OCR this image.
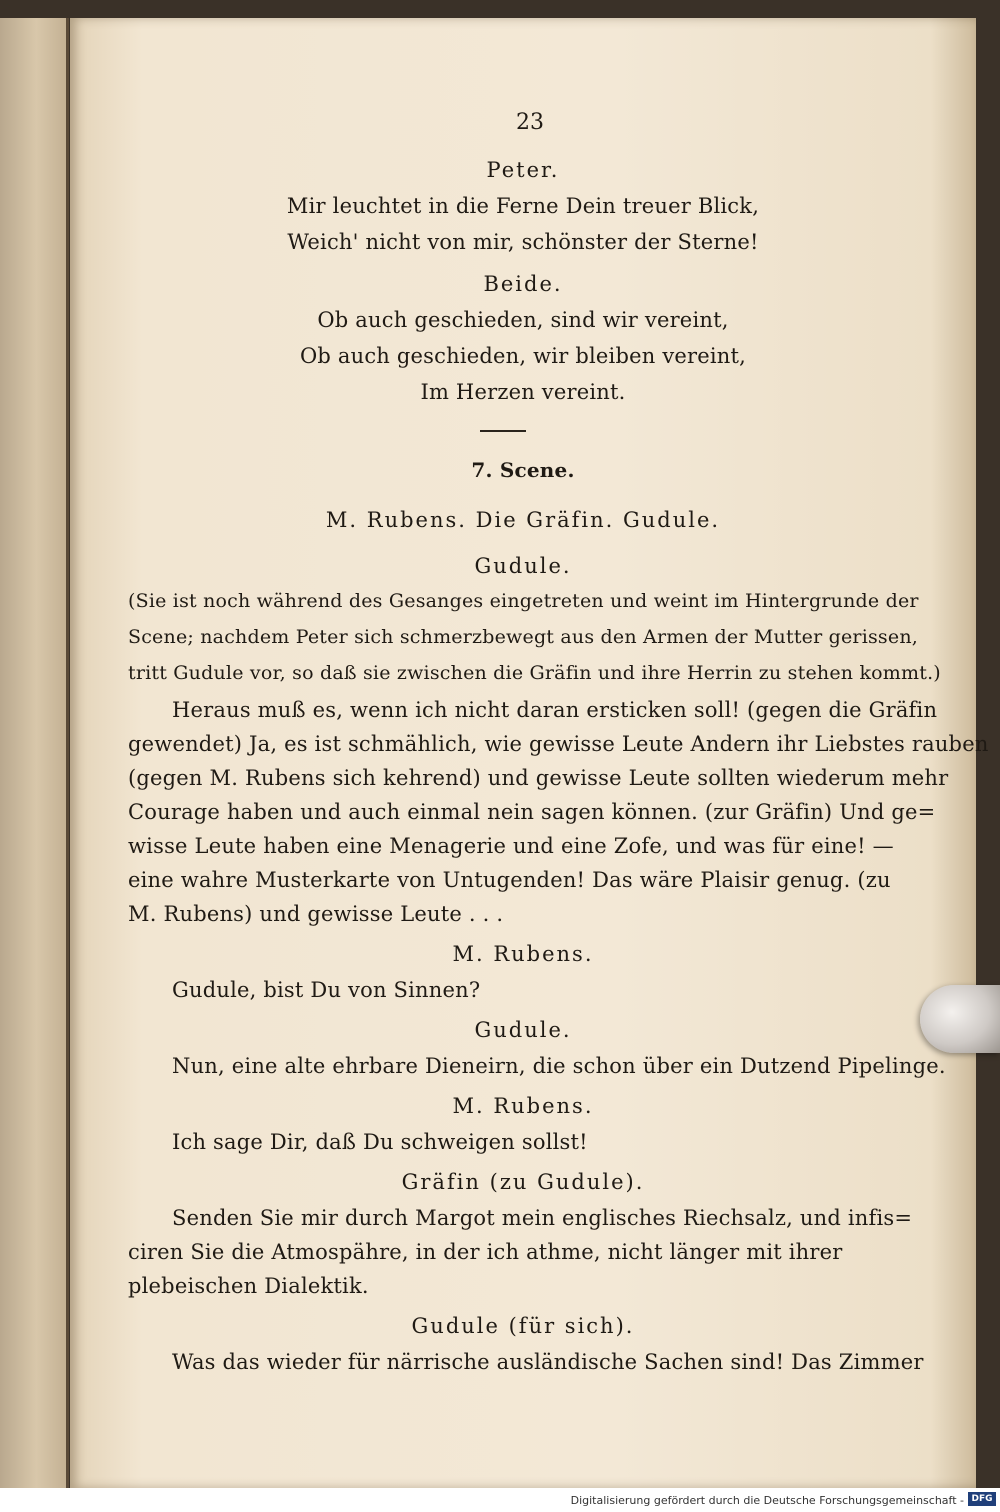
23
Peter.
Mir leuchtet in die Ferne Dein treuer Blick,
Weich' nicht von mir, schönster der Sterne!
Beide.
Ob auch geschieden, sind wir vereint,
Ob auch geschieden, wir bleiben vereint,
Im Herzen vereint.
7. Scene.
M. Rubens. Die Gräfin. Gudule.
Gudule.
(Sie ist noch während des Gesanges eingetreten und weint im Hintergrunde der
Scene; nachdem Peter sich schmerzbewegt aus den Armen der Mutter gerissen,
tritt Gudule vor, so daß sie zwischen die Gräfin und ihre Herrin zu stehen kommt.)
Heraus muß es, wenn ich nicht daran ersticken soll! (gegen die Gräfin
gewendet) Ja, es ist schmählich, wie gewisse Leute Andern ihr Liebstes rauben
(gegen M. Rubens sich kehrend) und gewisse Leute sollten wiederum mehr
Courage haben und auch einmal nein sagen können. (zur Gräfin) Und ge=
wisse Leute haben eine Menagerie und eine Zofe, und was für eine! —
eine wahre Musterkarte von Untugenden! Das wäre Plaisir genug. (zu
M. Rubens) und gewisse Leute . . .
M. Rubens.
Gudule, bist Du von Sinnen?
Gudule.
Nun, eine alte ehrbare Dieneirn, die schon über ein Dutzend Pipelinge.
M. Rubens.
Ich sage Dir, daß Du schweigen sollst!
Gräfin (zu Gudule).
Senden Sie mir durch Margot mein englisches Riechsalz, und infis=
ciren Sie die Atmospähre, in der ich athme, nicht länger mit ihrer
plebeischen Dialektik.
Gudule (für sich).
Was das wieder für närrische ausländische Sachen sind! Das Zimmer
Digitalisierung gefördert durch die Deutsche Forschungsgemeinschaft - DFG
